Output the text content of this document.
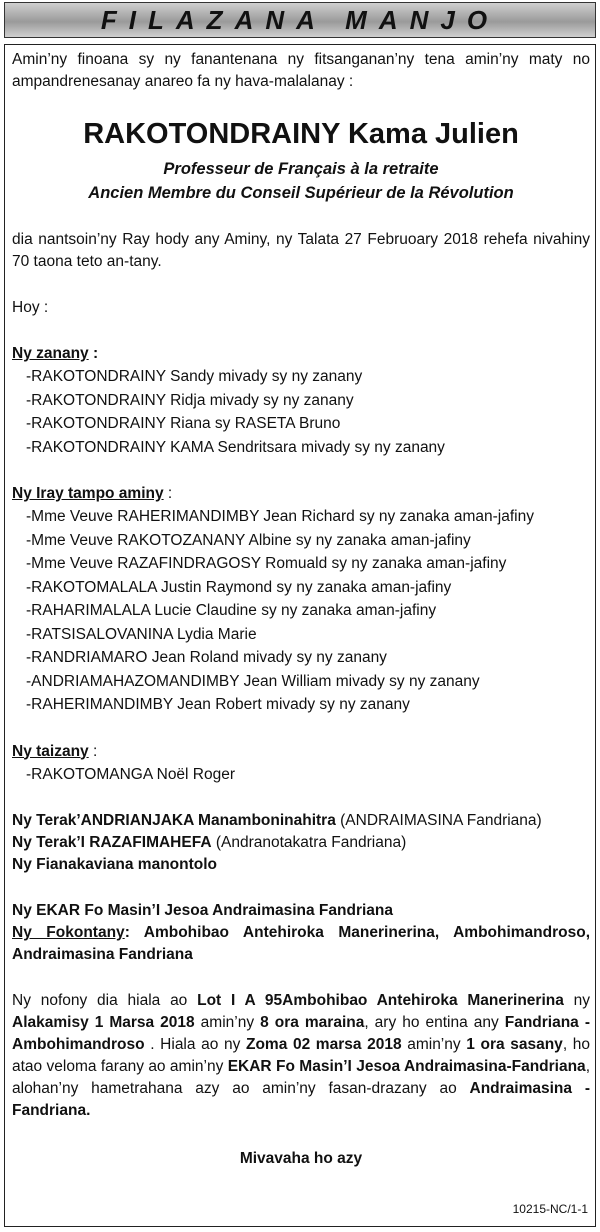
FILAZANA MANJO

Amin’ny finoana sy ny fanantenana ny fitsanganan’ny tena amin’ny maty no ampandrenesanay anareo fa ny hava-malalanay :

RAKOTONDRAINY Kama Julien

Professeur de Français à la retraite

Ancien Membre du Conseil Supérieur de la Révolution

dia nantsoin’ny Ray hody any Aminy, ny Talata 27 Februoary 2018 rehefa nivahiny 70 taona teto an-tany.

Hoy :

Ny zanany :

-RAKOTONDRAINY Sandy mivady sy ny zanany
-RAKOTONDRAINY Ridja mivady sy ny zanany
-RAKOTONDRAINY Riana sy RASETA Bruno
-RAKOTONDRAINY KAMA Sendritsara mivady sy ny zanany

Ny Iray tampo aminy :

-Mme Veuve RAHERIMANDIMBY Jean Richard sy ny zanaka aman-jafiny
-Mme Veuve RAKOTOZANANY Albine sy ny zanaka aman-jafiny
-Mme Veuve RAZAFINDRAGOSY Romuald sy ny zanaka aman-jafiny
-RAKOTOMALALA Justin Raymond sy ny zanaka aman-jafiny
-RAHARIMALALA Lucie Claudine sy ny zanaka aman-jafiny
-RATSISALOVANINA Lydia Marie
-RANDRIAMARO Jean Roland mivady sy ny zanany
-ANDRIAMAHAZOMANDIMBY Jean William mivady sy ny zanany
-RAHERIMANDIMBY Jean Robert mivady sy ny zanany

Ny taizany :

-RAKOTOMANGA Noël Roger

Ny Terak’ANDRIANJAKA Manamboninahitra (ANDRAIMASINA Fandriana)

Ny Terak’I RAZAFIMAHEFA (Andranotakatra Fandriana)

Ny Fianakaviana manontolo

Ny EKAR Fo Masin’I Jesoa Andraimasina Fandriana

Ny Fokontany: Ambohibao Antehiroka Manerinerina, Ambohimandroso, Andraimasina Fandriana

Ny nofony dia hiala ao Lot I A 95Ambohibao Antehiroka Manerinerina ny Alakamisy 1 Marsa 2018 amin’ny 8 ora maraina, ary ho entina any Fandriana - Ambohimandroso . Hiala ao ny Zoma 02 marsa 2018 amin’ny 1 ora sasany, ho atao veloma farany ao amin’ny EKAR Fo Masin’I Jesoa Andraimasina-Fandriana, alohan’ny hametrahana azy ao amin’ny fasan-drazany ao Andraimasina - Fandriana.

Mivavaha ho azy

10215-NC/1-1
